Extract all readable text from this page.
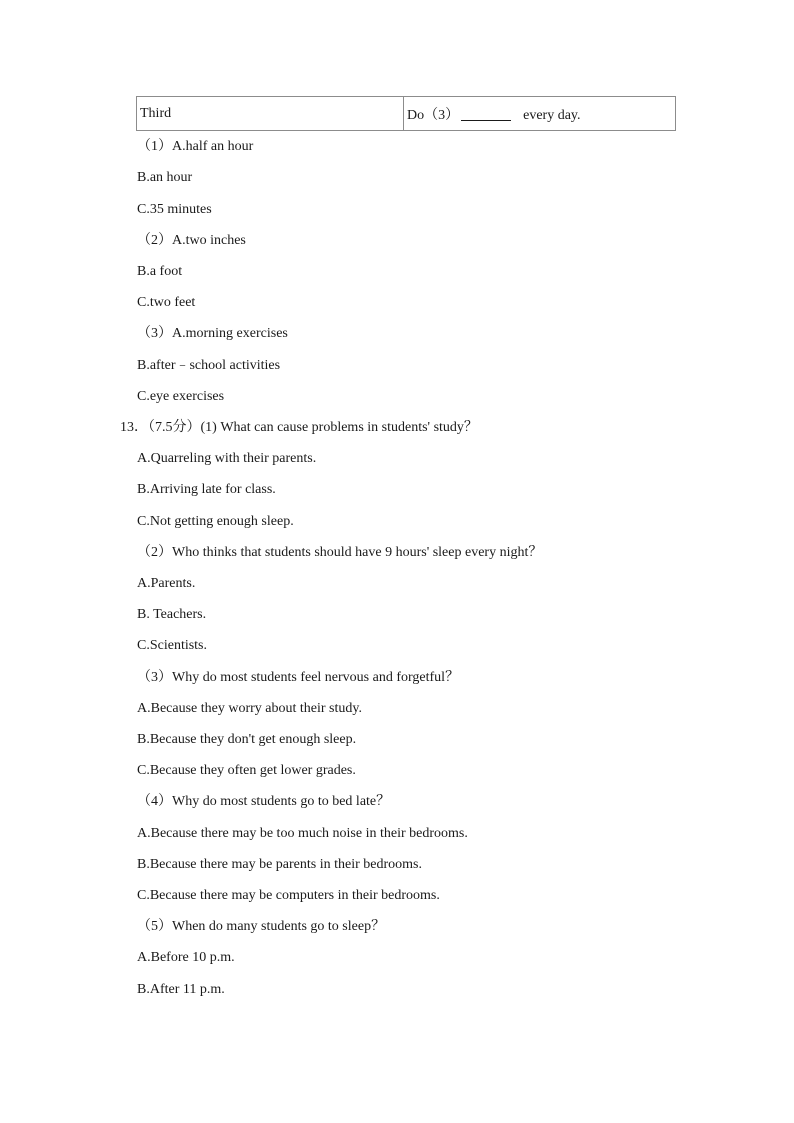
Third	Do（3）	every day.
（1）A.half an hour
B.an hour
C.35 minutes
（2）A.two inches
B.a foot
C.two feet
（3）A.morning exercises
B.after﹣school activities
C.eye exercises
13．（7.5分）(1) What can cause problems in students' study？
A.Quarreling with their parents.
B.Arriving late for class.
C.Not getting enough sleep.
（2）Who thinks that students should have 9 hours' sleep every night？
A.Parents.
B. Teachers.
C.Scientists.
（3）Why do most students feel nervous and forgetful？
A.Because they worry about their study.
B.Because they don't get enough sleep.
C.Because they often get lower grades.
（4）Why do most students go to bed late？
A.Because there may be too much noise in their bedrooms.
B.Because there may be parents in their bedrooms.
C.Because there may be computers in their bedrooms.
（5）When do many students go to sleep？
A.Before 10 p.m.
B.After 11 p.m.
